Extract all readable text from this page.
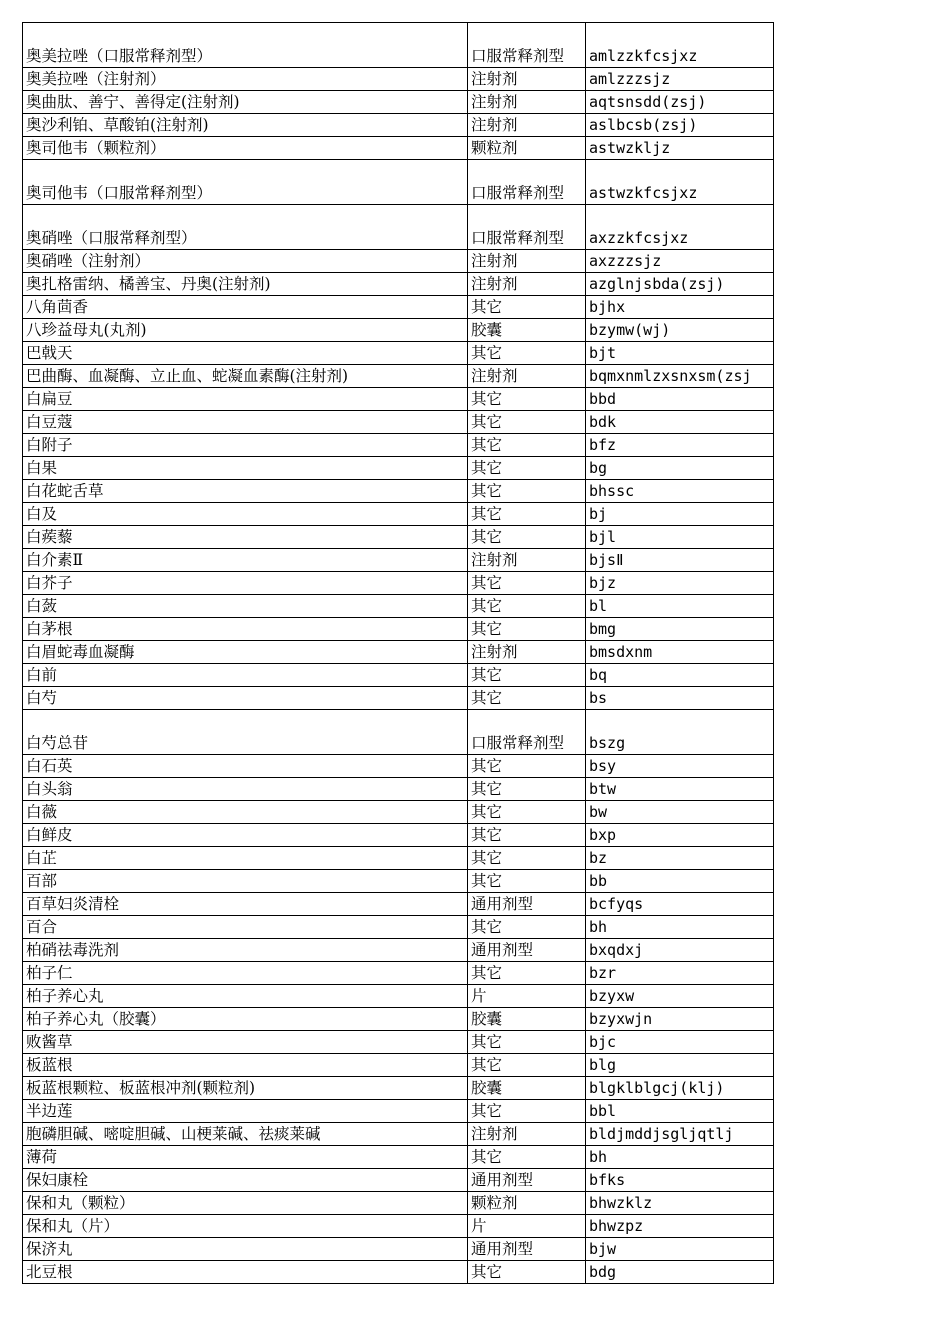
奥美拉唑（口服常释剂型）	口服常释剂型	amlzzkfcsjxz
奥美拉唑（注射剂）	注射剂	amlzzzsjz
奥曲肽、善宁、善得定(注射剂)	注射剂	aqtsnsdd(zsj)
奥沙利铂、草酸铂(注射剂)	注射剂	aslbcsb(zsj)
奥司他韦（颗粒剂）	颗粒剂	astwzkljz
奥司他韦（口服常释剂型）	口服常释剂型	astwzkfcsjxz
奥硝唑（口服常释剂型）	口服常释剂型	axzzkfcsjxz
奥硝唑（注射剂）	注射剂	axzzzsjz
奥扎格雷纳、橘善宝、丹奥(注射剂)	注射剂	azglnjsbda(zsj)
八角茴香	其它	bjhx
八珍益母丸(丸剂)	胶囊	bzymw(wj)
巴戟天	其它	bjt
巴曲酶、血凝酶、立止血、蛇凝血素酶(注射剂)	注射剂	bqmxnmlzxsnxsm(zsj
白扁豆	其它	bbd
白豆蔻	其它	bdk
白附子	其它	bfz
白果	其它	bg
白花蛇舌草	其它	bhssc
白及	其它	bj
白蒺藜	其它	bjl
白介素Ⅱ	注射剂	bjsⅡ
白芥子	其它	bjz
白蔹	其它	bl
白茅根	其它	bmg
白眉蛇毒血凝酶	注射剂	bmsdxnm
白前	其它	bq
白芍	其它	bs
白芍总苷	口服常释剂型	bszg
白石英	其它	bsy
白头翁	其它	btw
白薇	其它	bw
白鲜皮	其它	bxp
白芷	其它	bz
百部	其它	bb
百草妇炎清栓	通用剂型	bcfyqs
百合	其它	bh
柏硝祛毒洗剂	通用剂型	bxqdxj
柏子仁	其它	bzr
柏子养心丸	片	bzyxw
柏子养心丸（胶囊）	胶囊	bzyxwjn
败酱草	其它	bjc
板蓝根	其它	blg
板蓝根颗粒、板蓝根冲剂(颗粒剂)	胶囊	blgklblgcj(klj)
半边莲	其它	bbl
胞磷胆碱、嘧啶胆碱、山梗莱碱、祛痰莱碱	注射剂	bldjmddjsgljqtlj
薄荷	其它	bh
保妇康栓	通用剂型	bfks
保和丸（颗粒）	颗粒剂	bhwzklz
保和丸（片）	片	bhwzpz
保济丸	通用剂型	bjw
北豆根	其它	bdg
